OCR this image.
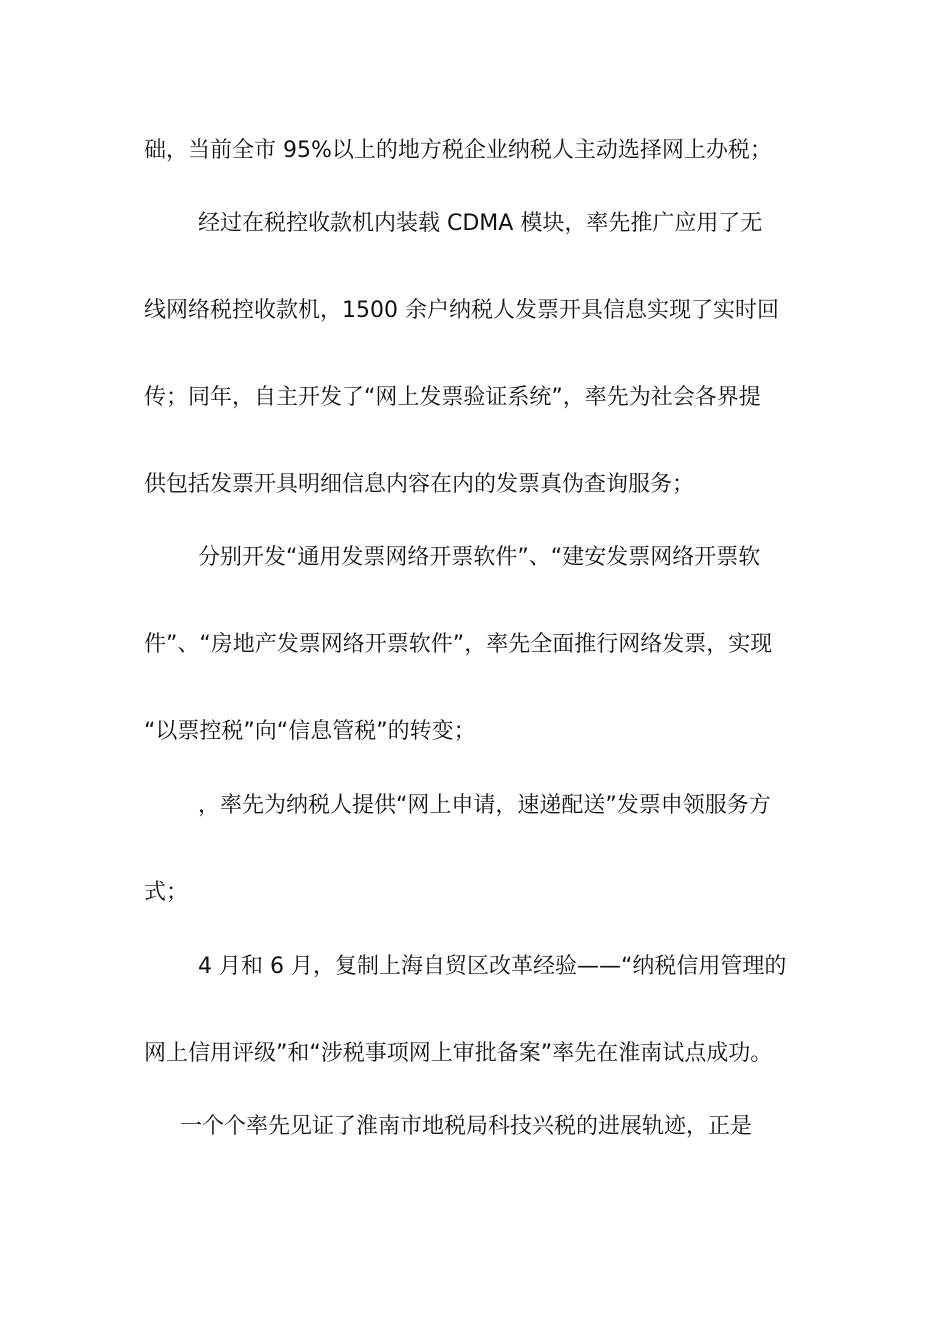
础，当前全市 95%以上的地方税企业纳税人主动选择网上办税；
经过在税控收款机内装载 CDMA 模块，率先推广应用了无
线网络税控收款机，1500 余户纳税人发票开具信息实现了实时回
传；同年，自主开发了“网上发票验证系统”，率先为社会各界提
供包括发票开具明细信息内容在内的发票真伪查询服务；
分别开发“通用发票网络开票软件”、“建安发票网络开票软
件”、“房地产发票网络开票软件”，率先全面推行网络发票，实现
“以票控税”向“信息管税”的转变；
，率先为纳税人提供“网上申请，速递配送”发票申领服务方
式；
4 月和 6 月，复制上海自贸区改革经验——“纳税信用管理的
网上信用评级”和“涉税事项网上审批备案”率先在淮南试点成功。
一个个率先见证了淮南市地税局科技兴税的进展轨迹，正是
